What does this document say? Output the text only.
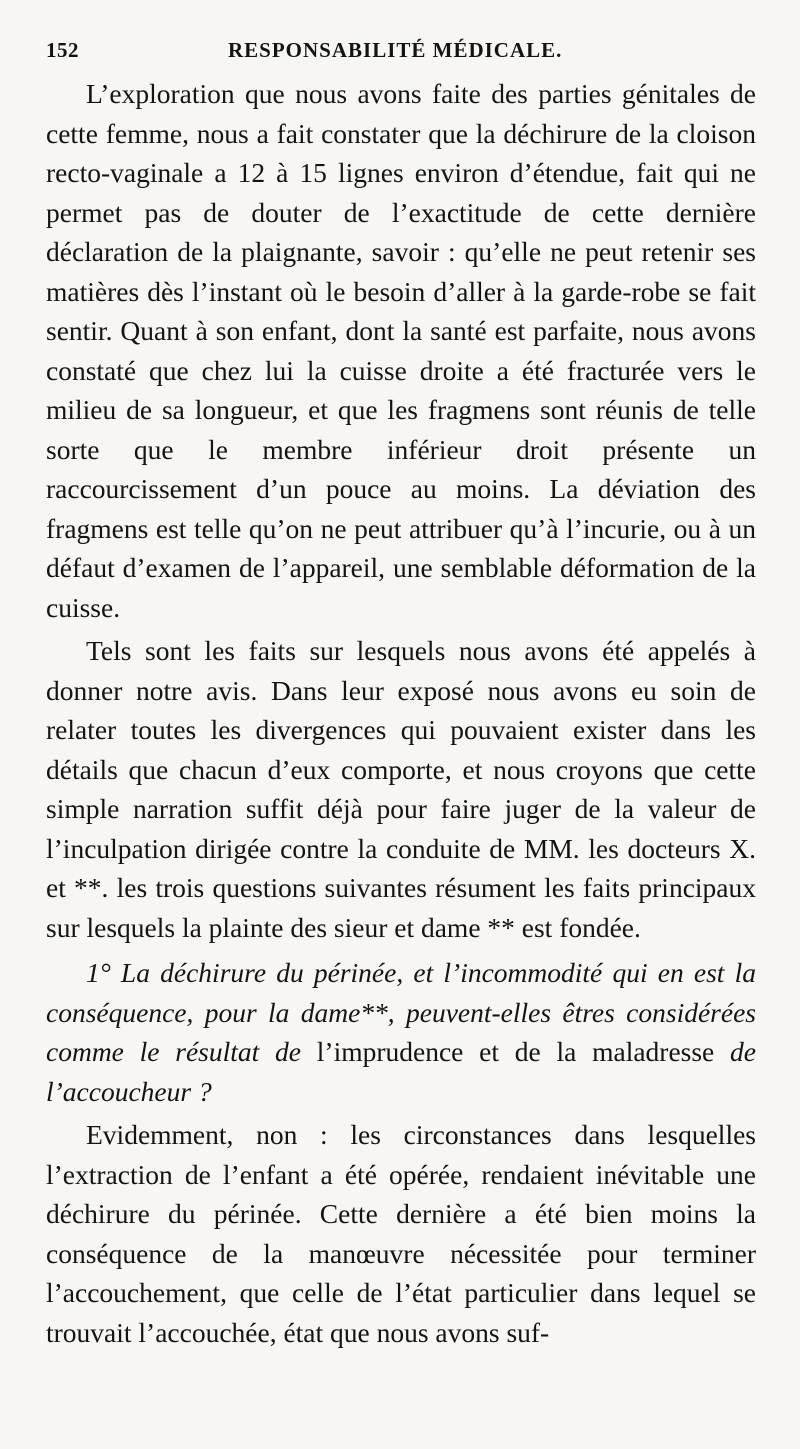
152	RESPONSABILITÉ MÉDICALE.

L’exploration que nous avons faite des parties génitales de cette femme, nous a fait constater que la déchirure de la cloison recto-vaginale a 12 à 15 lignes environ d’étendue, fait qui ne permet pas de douter de l’exactitude de cette dernière déclaration de la plaignante, savoir : qu’elle ne peut retenir ses matières dès l’instant où le besoin d’aller à la garde-robe se fait sentir. Quant à son enfant, dont la santé est parfaite, nous avons constaté que chez lui la cuisse droite a été fracturée vers le milieu de sa longueur, et que les fragmens sont réunis de telle sorte que le membre inférieur droit présente un raccourcissement d’un pouce au moins. La déviation des fragmens est telle qu’on ne peut attribuer qu’à l’incurie, ou à un défaut d’examen de l’appareil, une semblable déformation de la cuisse.

Tels sont les faits sur lesquels nous avons été appelés à donner notre avis. Dans leur exposé nous avons eu soin de relater toutes les divergences qui pouvaient exister dans les détails que chacun d’eux comporte, et nous croyons que cette simple narration suffit déjà pour faire juger de la valeur de l’inculpation dirigée contre la conduite de MM. les docteurs X. et **. les trois questions suivantes résument les faits principaux sur lesquels la plainte des sieur et dame ** est fondée.

1° La déchirure du périnée, et l’incommodité qui en est la conséquence, pour la dame**, peuvent-elles êtres considérées comme le résultat de l’imprudence et de la maladresse de l’accoucheur ?

Evidemment, non : les circonstances dans lesquelles l’extraction de l’enfant a été opérée, rendaient inévitable une déchirure du périnée. Cette dernière a été bien moins la conséquence de la manœuvre nécessitée pour terminer l’accouchement, que celle de l’état particulier dans lequel se trouvait l’accouchée, état que nous avons suf-
